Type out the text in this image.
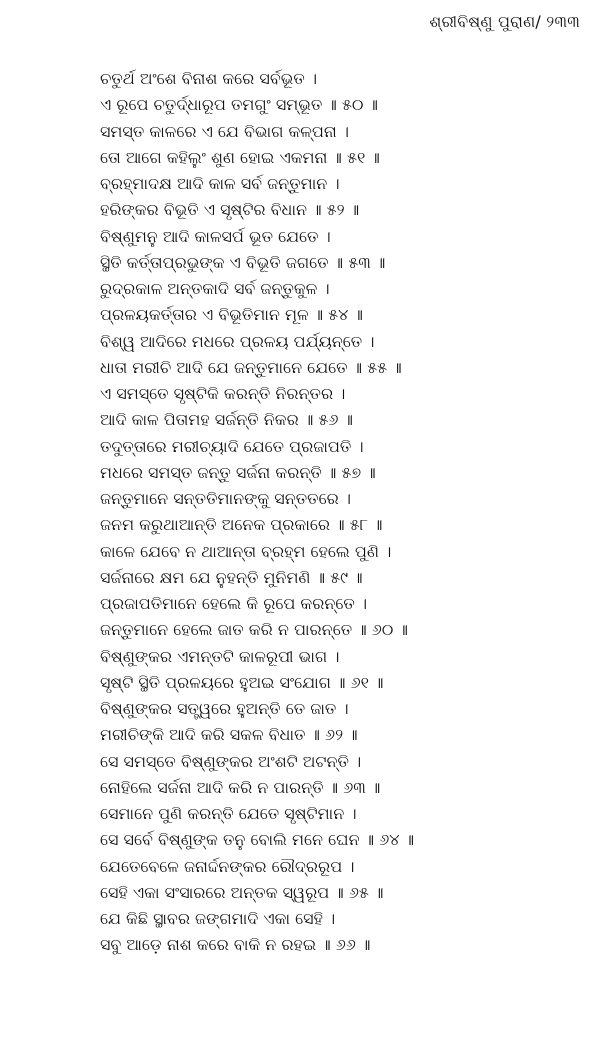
ଶ୍ରୀବିଷ୍ଣୁ ପୁରାଣ/ ୨୩୩
ଚତୁର୍ଥ ଅଂଶେ ବିନାଶ କରେ ସର୍ବଭୂତ ।
ଏ ରୂପେ ଚତୁର୍ଦ୍ଧାରୂପ ତମଗୁଂ ସମ୍ଭୂତ ॥ ୫୦ ॥
ସମସ୍ତ କାଳରେ ଏ ଯେ ବିଭାଗ କଳ୍ପନା ।
ତୋ ଆଗେ କହିଲୁଂ ଶୁଣ ହୋଇ ଏକମନା ॥ ୫୧ ॥
ବ୍ରହ୍ମାଦକ୍ଷ ଆଦି କାଳ ସର୍ବ ଜନ୍ତୁମାନ ।
ହରିଙ୍କର ବିଭୂତି ଏ ସୃଷ୍ଟିର ବିଧାନ ॥ ୫୨ ॥
ବିଷ୍ଣୁମନୁ ଆଦି କାଳସର୍ପ ଭୂତ ଯେତେ ।
ସ୍ଥିତି କର୍ତ୍ତାପ୍ରଭୁଙ୍କ ଏ ବିଭୂତି ଜଗତେ ॥ ୫୩ ॥
ରୁଦ୍ରକାଳ ଅନ୍ତକାଦି ସର୍ବ ଜନ୍ତୁକୁଳ ।
ପ୍ରଳୟକର୍ତ୍ତାର ଏ ବିଭୂତିମାନ ମୂଳ ॥ ୫୪ ॥
ବିଶ୍ୱ ଆଦିରେ ମଧରେ ପ୍ରଳୟ ପର୍ଯ୍ୟନ୍ତେ ।
ଧାତା ମରୀଚି ଆଦି ଯେ ଜନ୍ତୁମାନେ ଯେତେ ॥ ୫୫ ॥
ଏ ସମସ୍ତେ ସୃଷ୍ଟିକି କରନ୍ତି ନିରନ୍ତର ।
ଆଦି କାଳ ପିତାମହ ସର୍ଜନ୍ତି ନିକର ॥ ୫୬ ॥
ତଦୁତ୍ତାରେ ମରୀଚ୍ୟାଦି ଯେତେ ପ୍ରଜାପତି ।
ମଧରେ ସମସ୍ତ ଜନ୍ତୁ ସର୍ଜନା କରନ୍ତି ॥ ୫୭ ॥
ଜନ୍ତୁମାନେ ସନ୍ତତିମାନଙ୍କୁ ସନ୍ତତରେ ।
ଜନମ କରୁଥାଆନ୍ତି ଅନେକ ପ୍ରକାରେ ॥ ୫୮ ॥
କାଳେ ଯେବେ ନ ଥାଆନ୍ତା ବ୍ରହ୍ମ ହେଲେ ପୁଣି ।
ସର୍ଜନାରେ କ୍ଷମ ଯେ ନୁହନ୍ତି ମୁନିମଣି ॥ ୫୯ ॥
ପ୍ରଜାପତିମାନେ ହେଲେ କି ରୂପେ କରନ୍ତେ ।
ଜନ୍ତୁମାନେ ହେଲେ ଜାତ କରି ନ ପାରନ୍ତେ ॥ ୬୦ ॥
ବିଷ୍ଣୁଙ୍କର ଏମନ୍ତଟି କାଳରୂପୀ ଭାଗ ।
ସୃଷ୍ଟି ସ୍ଥିତି ପ୍ରଳୟରେ ହୁଅଇ ସଂଯୋଗ ॥ ୬୧ ॥
ବିଷ୍ଣୁଙ୍କର ସତ୍ତ୍ୱରେ ହୁଅନ୍ତି ତେ ଜାତ ।
ମରୀଚିଙ୍କି ଆଦି କରି ସକଳ ବିଧାତ ॥ ୬୨ ॥
ସେ ସମସ୍ତେ ବିଷ୍ଣୁଙ୍କର ଅଂଶଟି ଅଟନ୍ତି ।
ନୋହିଲେ ସର୍ଜନା ଆଦି କରି ନ ପାରନ୍ତି ॥ ୬୩ ॥
ସେମାନେ ପୁଣି କରନ୍ତି ଯେତେ ସୃଷ୍ଟିମାନ ।
ସେ ସର୍ବେ ବିଷ୍ଣୁଙ୍କ ତନୁ ବୋଲି ମନେ ଘେନ ॥ ୬୪ ॥
ଯେତେବେଳେ ଜନାର୍ଦ୍ଦନଙ୍କର ରୌଦ୍ରରୂପ ।
ସେହି ଏକା ସଂସାରରେ ଅନ୍ତକ ସ୍ୱରୂପ ॥ ୬୫ ॥
ଯେ କିଛି ସ୍ଥାବର ଜଙ୍ଗମାଦି ଏକା ସେହି ।
ସବୁ ଆଡ଼େ ନାଶ କରେ ବାକି ନ ରହଇ ॥ ୬୬ ॥
